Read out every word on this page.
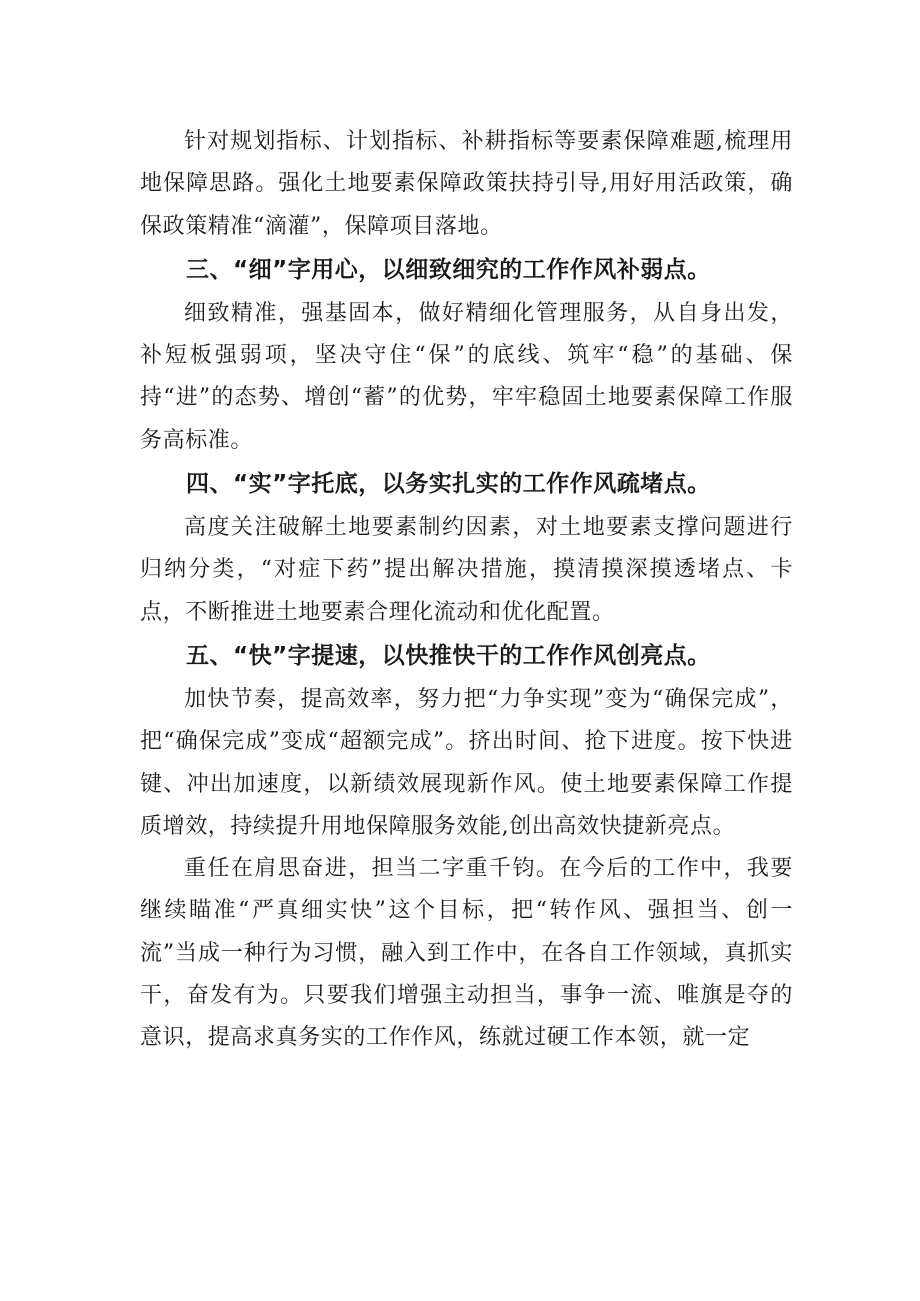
针对规划指标、计划指标、补耕指标等要素保障难题,梳理用地保障思路。强化土地要素保障政策扶持引导,用好用活政策，确保政策精准“滴灌”，保障项目落地。

三、“细”字用心，以细致细究的工作作风补弱点。

细致精准，强基固本，做好精细化管理服务，从自身出发，补短板强弱项，坚决守住“保”的底线、筑牢“稳”的基础、保持“进”的态势、增创“蓄”的优势，牢牢稳固土地要素保障工作服务高标准。

四、“实”字托底，以务实扎实的工作作风疏堵点。

高度关注破解土地要素制约因素，对土地要素支撑问题进行归纳分类，“对症下药”提出解决措施，摸清摸深摸透堵点、卡点，不断推进土地要素合理化流动和优化配置。

五、“快”字提速，以快推快干的工作作风创亮点。

加快节奏，提高效率，努力把“力争实现”变为“确保完成”，把“确保完成”变成“超额完成”。挤出时间、抢下进度。按下快进键、冲出加速度，以新绩效展现新作风。使土地要素保障工作提质增效，持续提升用地保障服务效能,创出高效快捷新亮点。

重任在肩思奋进，担当二字重千钧。在今后的工作中，我要继续瞄准“严真细实快”这个目标，把“转作风、强担当、创一流”当成一种行为习惯，融入到工作中，在各自工作领域，真抓实干，奋发有为。只要我们增强主动担当，事争一流、唯旗是夺的意识，提高求真务实的工作作风，练就过硬工作本领，就一定
